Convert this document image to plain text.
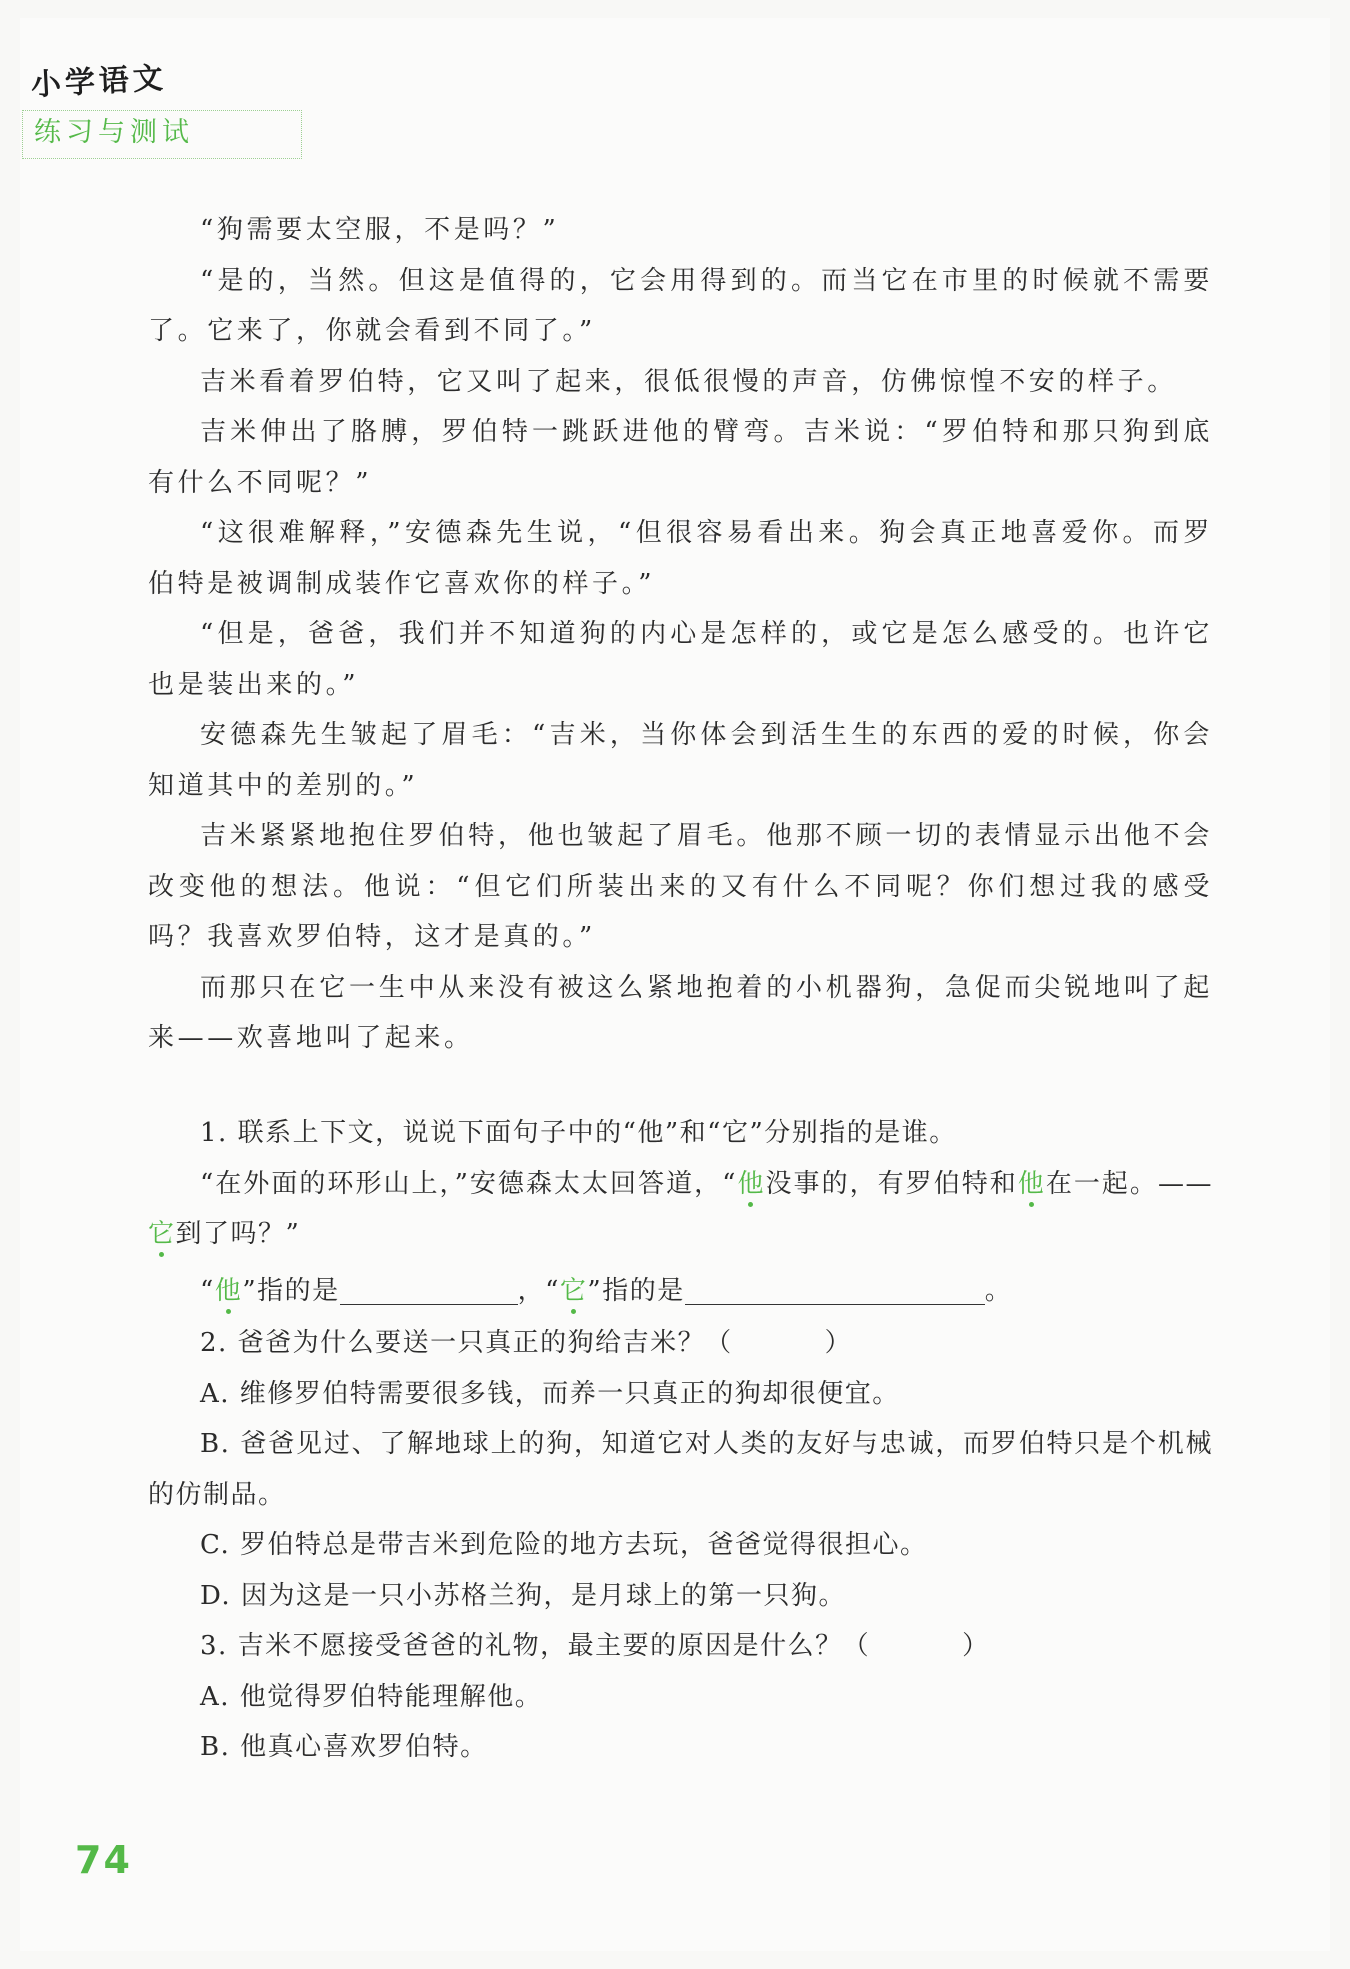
小学语文
练习与测试

“狗需要太空服，不是吗？”

“是的，当然。但这是值得的，它会用得到的。而当它在市里的时候就不需要了。它来了，你就会看到不同了。”

吉米看着罗伯特，它又叫了起来，很低很慢的声音，仿佛惊惶不安的样子。

吉米伸出了胳膊，罗伯特一跳跃进他的臂弯。吉米说：“罗伯特和那只狗到底有什么不同呢？”

“这很难解释，”安德森先生说，“但很容易看出来。狗会真正地喜爱你。而罗伯特是被调制成装作它喜欢你的样子。”

“但是，爸爸，我们并不知道狗的内心是怎样的，或它是怎么感受的。也许它也是装出来的。”

安德森先生皱起了眉毛：“吉米，当你体会到活生生的东西的爱的时候，你会知道其中的差别的。”

吉米紧紧地抱住罗伯特，他也皱起了眉毛。他那不顾一切的表情显示出他不会改变他的想法。他说：“但它们所装出来的又有什么不同呢？你们想过我的感受吗？我喜欢罗伯特，这才是真的。”

而那只在它一生中从来没有被这么紧地抱着的小机器狗，急促而尖锐地叫了起来——欢喜地叫了起来。

1. 联系上下文，说说下面句子中的“他”和“它”分别指的是谁。

“在外面的环形山上，”安德森太太回答道，“他没事的，有罗伯特和他在一起。——它到了吗？”

“他”指的是	，“它”指的是	。

2. 爸爸为什么要送一只真正的狗给吉米？（	）

A. 维修罗伯特需要很多钱，而养一只真正的狗却很便宜。

B. 爸爸见过、了解地球上的狗，知道它对人类的友好与忠诚，而罗伯特只是个机械的仿制品。

C. 罗伯特总是带吉米到危险的地方去玩，爸爸觉得很担心。

D. 因为这是一只小苏格兰狗，是月球上的第一只狗。

3. 吉米不愿接受爸爸的礼物，最主要的原因是什么？（	）

A. 他觉得罗伯特能理解他。

B. 他真心喜欢罗伯特。

74
